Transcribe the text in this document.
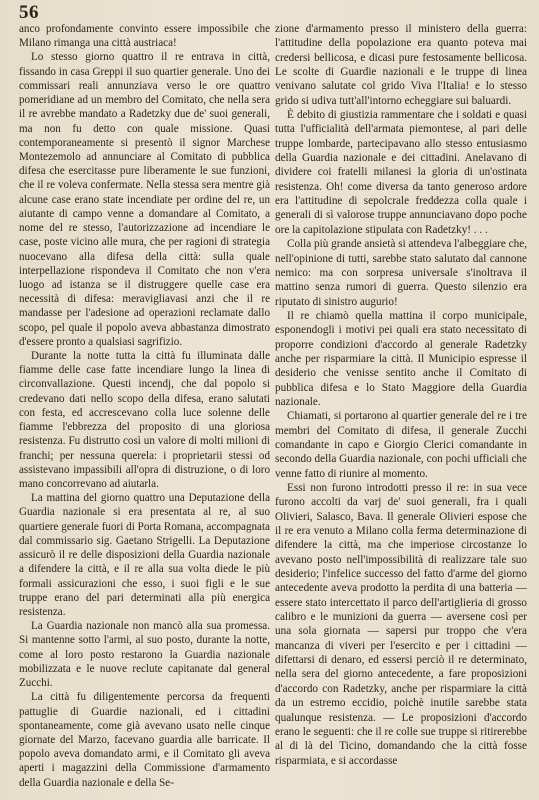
56

anco profondamente convinto essere impossibile che Milano rimanga una città austriaca!

Lo stesso giorno quattro il re entrava in città, fissando in casa Greppi il suo quartier generale. Uno dei commissari reali annunziava verso le ore quattro pomeridiane ad un membro del Comitato, che nella sera il re avrebbe mandato a Radetzky due de' suoi generali, ma non fu detto con quale missione. Quasi contemporaneamente si presentò il signor Marchese Montezemolo ad annunciare al Comitato di pubblica difesa che esercitasse pure liberamente le sue funzioni, che il re voleva confermate. Nella stessa sera mentre già alcune case erano state incendiate per ordine del re, un aiutante di campo venne a domandare al Comitato, a nome del re stesso, l'autorizzazione ad incendiare le case, poste vicino alle mura, che per ragioni di strategia nuocevano alla difesa della città: sulla quale interpellazione rispondeva il Comitato che non v'era luogo ad istanza se il distruggere quelle case era necessità di difesa: meravigliavasi anzi che il re mandasse per l'adesione ad operazioni reclamate dallo scopo, pel quale il popolo aveva abbastanza dimostrato d'essere pronto a qualsiasi sagrifizio.

Durante la notte tutta la città fu illuminata dalle fiamme delle case fatte incendiare lungo la linea di circonvallazione. Questi incendj, che dal popolo si credevano dati nello scopo della difesa, erano salutati con festa, ed accrescevano colla luce solenne delle fiamme l'ebbrezza del proposito di una gloriosa resistenza. Fu distrutto così un valore di molti milioni di franchi; per nessuna querela: i proprietarii stessi od assistevano impassibili all'opra di distruzione, o di loro mano concorrevano ad aiutarla.

La mattina del giorno quattro una Deputazione della Guardia nazionale si era presentata al re, al suo quartiere generale fuori di Porta Romana, accompagnata dal commissario sig. Gaetano Strigelli. La Deputazione assicurò il re delle disposizioni della Guardia nazionale a difendere la città, e il re alla sua volta diede le più formali assicurazioni che esso, i suoi figli e le sue truppe erano del pari determinati alla più energica resistenza.

La Guardia nazionale non mancò alla sua promessa. Si mantenne sotto l'armi, al suo posto, durante la notte, come al loro posto restarono la Guardia nazionale mobilizzata e le nuove reclute capitanate dal general Zucchi.

La città fu diligentemente percorsa da frequenti pattuglie di Guardie nazionali, ed i cittadini spontaneamente, come già avevano usato nelle cinque giornate del Marzo, facevano guardia alle barricate. Il popolo aveva domandato armi, e il Comitato gli aveva aperti i magazzini della Commissione d'armamento della Guardia nazionale e della Se-

zione d'armamento presso il ministero della guerra: l'attitudine della popolazione era quanto poteva mai credersi bellicosa, e dicasi pure festosamente bellicosa. Le scolte di Guardie nazionali e le truppe di linea venivano salutate col grido Viva l'Italia! e lo stesso grido si udiva tutt'all'intorno echeggiare sui baluardi.

È debito di giustizia rammentare che i soldati e quasi tutta l'ufficialità dell'armata piemontese, al pari delle truppe lombarde, partecipavano allo stesso entusiasmo della Guardia nazionale e dei cittadini. Anelavano di dividere coi fratelli milanesi la gloria di un'ostinata resistenza. Oh! come diversa da tanto generoso ardore era l'attitudine di sepolcrale freddezza colla quale i generali di sì valorose truppe annunciavano dopo poche ore la capitolazione stipulata con Radetzky! . . .

Colla più grande ansietà si attendeva l'albeggiare che, nell'opinione di tutti, sarebbe stato salutato dal cannone nemico: ma con sorpresa universale s'inoltrava il mattino senza rumori di guerra. Questo silenzio era riputato di sinistro augurio!

Il re chiamò quella mattina il corpo municipale, esponendogli i motivi pei quali era stato necessitato di proporre condizioni d'accordo al generale Radetzky anche per risparmiare la città. Il Municipio espresse il desiderio che venisse sentito anche il Comitato di pubblica difesa e lo Stato Maggiore della Guardia nazionale.

Chiamati, si portarono al quartier generale del re i tre membri del Comitato di difesa, il generale Zucchi comandante in capo e Giorgio Clerici comandante in secondo della Guardia nazionale, con pochi ufficiali che venne fatto di riunire al momento.

Essi non furono introdotti presso il re: in sua vece furono accolti da varj de' suoi generali, fra i quali Olivieri, Salasco, Bava. Il generale Olivieri espose che il re era venuto a Milano colla ferma determinazione di difendere la città, ma che imperiose circostanze lo avevano posto nell'impossibilità di realizzare tale suo desiderio; l'infelice successo del fatto d'arme del giorno antecedente aveva prodotto la perdita di una batteria — essere stato intercettato il parco dell'artiglieria di grosso calibro e le munizioni da guerra — aversene così per una sola giornata — sapersi pur troppo che v'era mancanza di viveri per l'esercito e per i cittadini — difettarsi di denaro, ed essersi perciò il re determinato, nella sera del giorno antecedente, a fare proposizioni d'accordo con Radetzky, anche per risparmiare la città da un estremo eccidio, poichè inutile sarebbe stata qualunque resistenza. — Le proposizioni d'accordo erano le seguenti: che il re colle sue truppe si ritirerebbe al di là del Ticino, domandando che la città fosse risparmiata, e si accordasse
